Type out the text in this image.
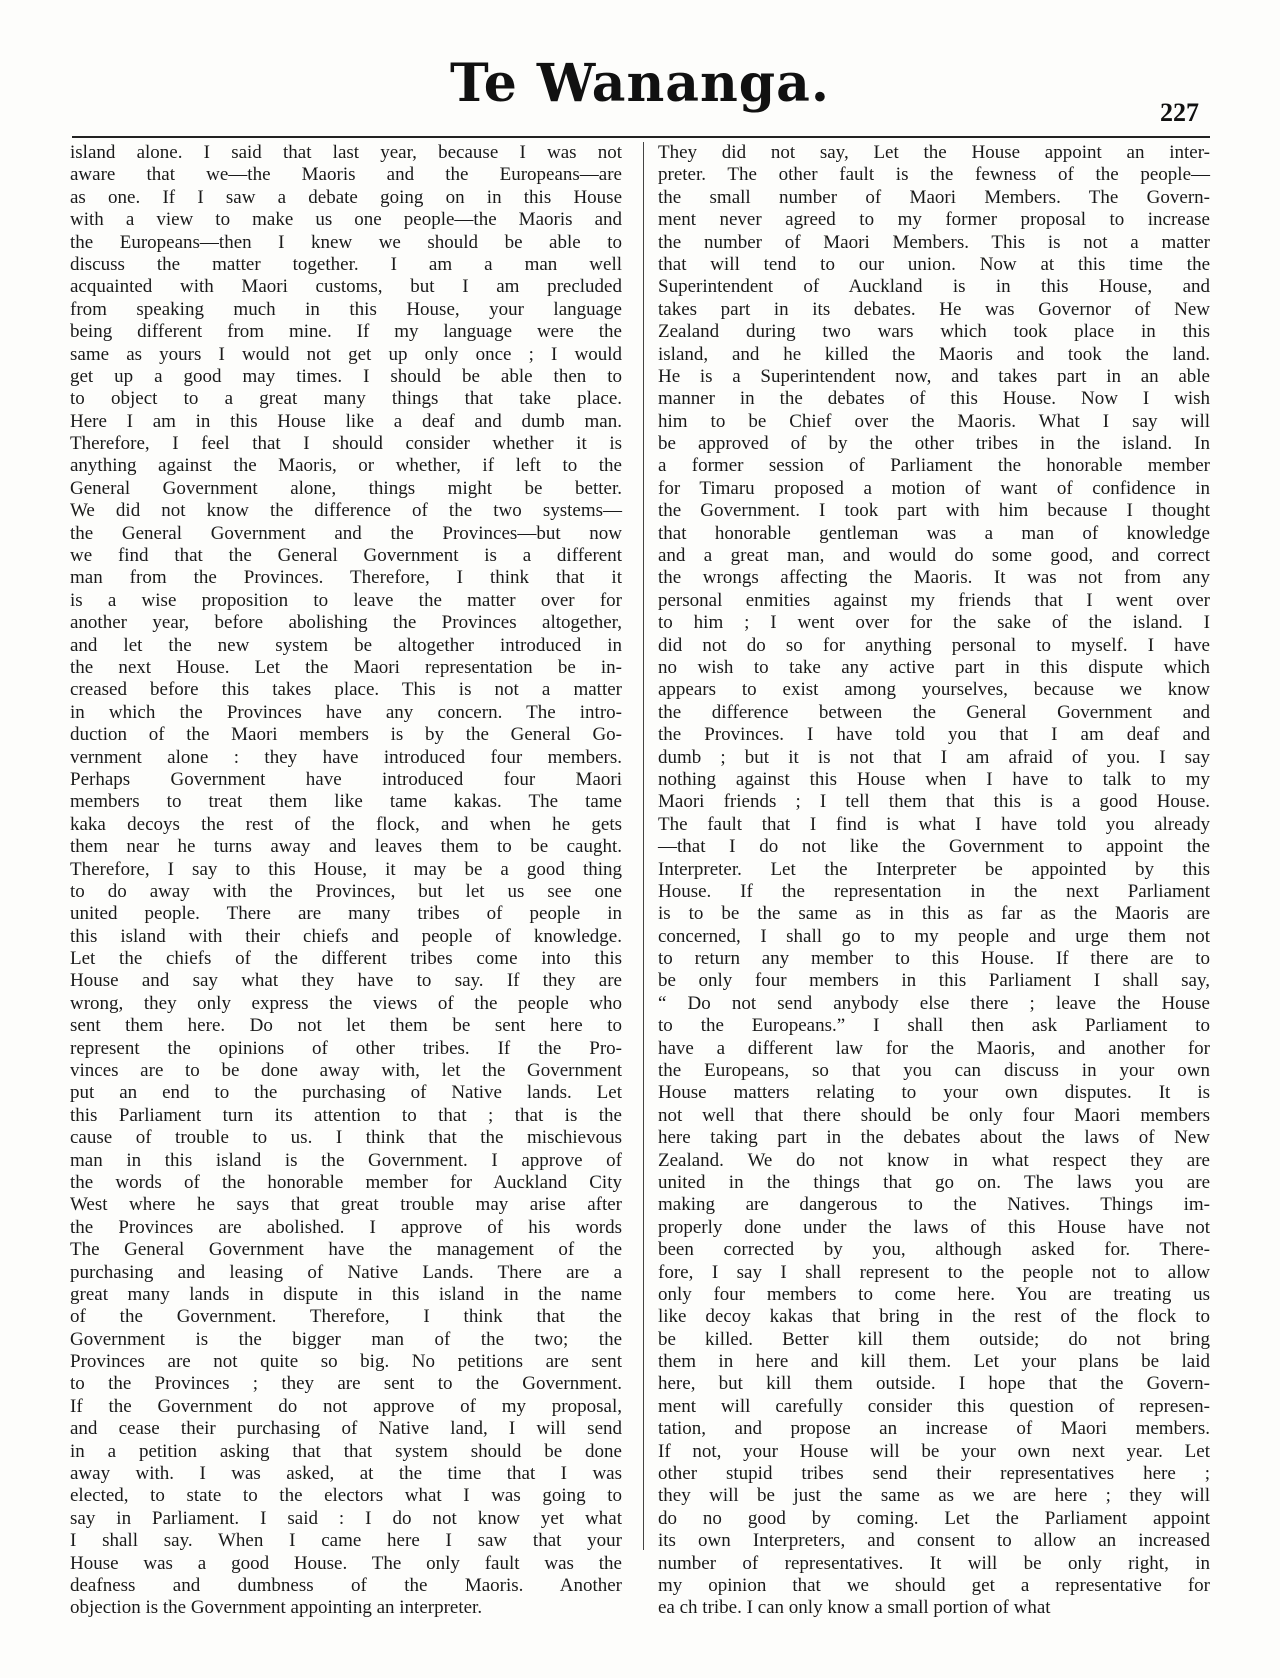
Te Wananga.	227
island alone. I said that last year, because I was not
aware that we—the Maoris and the Europeans—are
as one. If I saw a debate going on in this House
with a view to make us one people—the Maoris and
the Europeans—then I knew we should be able to
discuss the matter together. I am a man well
acquainted with Maori customs, but I am precluded
from speaking much in this House, your language
being different from mine. If my language were the
same as yours I would not get up only once ; I would
get up a good may times. I should be able then to
to object to a great many things that take place.
Here I am in this House like a deaf and dumb man.
Therefore, I feel that I should consider whether it is
anything against the Maoris, or whether, if left to the
General Government alone, things might be better.
We did not know the difference of the two systems—
the General Government and the Provinces—but now
we find that the General Government is a different
man from the Provinces. Therefore, I think that it
is a wise proposition to leave the matter over for
another year, before abolishing the Provinces altogether,
and let the new system be altogether introduced in
the next House. Let the Maori representation be in-
creased before this takes place. This is not a matter
in which the Provinces have any concern. The intro-
duction of the Maori members is by the General Go-
vernment alone : they have introduced four members.
Perhaps Government have introduced four Maori
members to treat them like tame kakas. The tame
kaka decoys the rest of the flock, and when he gets
them near he turns away and leaves them to be caught.
Therefore, I say to this House, it may be a good thing
to do away with the Provinces, but let us see one
united people. There are many tribes of people in
this island with their chiefs and people of knowledge.
Let the chiefs of the different tribes come into this
House and say what they have to say. If they are
wrong, they only express the views of the people who
sent them here. Do not let them be sent here to
represent the opinions of other tribes. If the Pro-
vinces are to be done away with, let the Government
put an end to the purchasing of Native lands. Let
this Parliament turn its attention to that ; that is the
cause of trouble to us. I think that the mischievous
man in this island is the Government. I approve of
the words of the honorable member for Auckland City
West where he says that great trouble may arise after
the Provinces are abolished. I approve of his words
The General Government have the management of the
purchasing and leasing of Native Lands. There are a
great many lands in dispute in this island in the name
of the Government. Therefore, I think that the
Government is the bigger man of the two; the
Provinces are not quite so big. No petitions are sent
to the Provinces ; they are sent to the Government.
If the Government do not approve of my proposal,
and cease their purchasing of Native land, I will send
in a petition asking that that system should be done
away with. I was asked, at the time that I was
elected, to state to the electors what I was going to
say in Parliament. I said : I do not know yet what
I shall say. When I came here I saw that your
House was a good House. The only fault was the
deafness and dumbness of the Maoris. Another
objection is the Government appointing an interpreter.
They did not say, Let the House appoint an inter-
preter. The other fault is the fewness of the people—
the small number of Maori Members. The Govern-
ment never agreed to my former proposal to increase
the number of Maori Members. This is not a matter
that will tend to our union. Now at this time the
Superintendent of Auckland is in this House, and
takes part in its debates. He was Governor of New
Zealand during two wars which took place in this
island, and he killed the Maoris and took the land.
He is a Superintendent now, and takes part in an able
manner in the debates of this House. Now I wish
him to be Chief over the Maoris. What I say will
be approved of by the other tribes in the island. In
a former session of Parliament the honorable member
for Timaru proposed a motion of want of confidence in
the Government. I took part with him because I thought
that honorable gentleman was a man of knowledge
and a great man, and would do some good, and correct
the wrongs affecting the Maoris. It was not from any
personal enmities against my friends that I went over
to him ; I went over for the sake of the island. I
did not do so for anything personal to myself. I have
no wish to take any active part in this dispute which
appears to exist among yourselves, because we know
the difference between the General Government and
the Provinces. I have told you that I am deaf and
dumb ; but it is not that I am afraid of you. I say
nothing against this House when I have to talk to my
Maori friends ; I tell them that this is a good House.
The fault that I find is what I have told you already
—that I do not like the Government to appoint the
Interpreter. Let the Interpreter be appointed by this
House. If the representation in the next Parliament
is to be the same as in this as far as the Maoris are
concerned, I shall go to my people and urge them not
to return any member to this House. If there are to
be only four members in this Parliament I shall say,
“ Do not send anybody else there ; leave the House
to the Europeans.” I shall then ask Parliament to
have a different law for the Maoris, and another for
the Europeans, so that you can discuss in your own
House matters relating to your own disputes. It is
not well that there should be only four Maori members
here taking part in the debates about the laws of New
Zealand. We do not know in what respect they are
united in the things that go on. The laws you are
making are dangerous to the Natives. Things im-
properly done under the laws of this House have not
been corrected by you, although asked for. There-
fore, I say I shall represent to the people not to allow
only four members to come here. You are treating us
like decoy kakas that bring in the rest of the flock to
be killed. Better kill them outside; do not bring
them in here and kill them. Let your plans be laid
here, but kill them outside. I hope that the Govern-
ment will carefully consider this question of represen-
tation, and propose an increase of Maori members.
If not, your House will be your own next year. Let
other stupid tribes send their representatives here ;
they will be just the same as we are here ; they will
do no good by coming. Let the Parliament appoint
its own Interpreters, and consent to allow an increased
number of representatives. It will be only right, in
my opinion that we should get a representative for
ea ch tribe. I can only know a small portion of what
